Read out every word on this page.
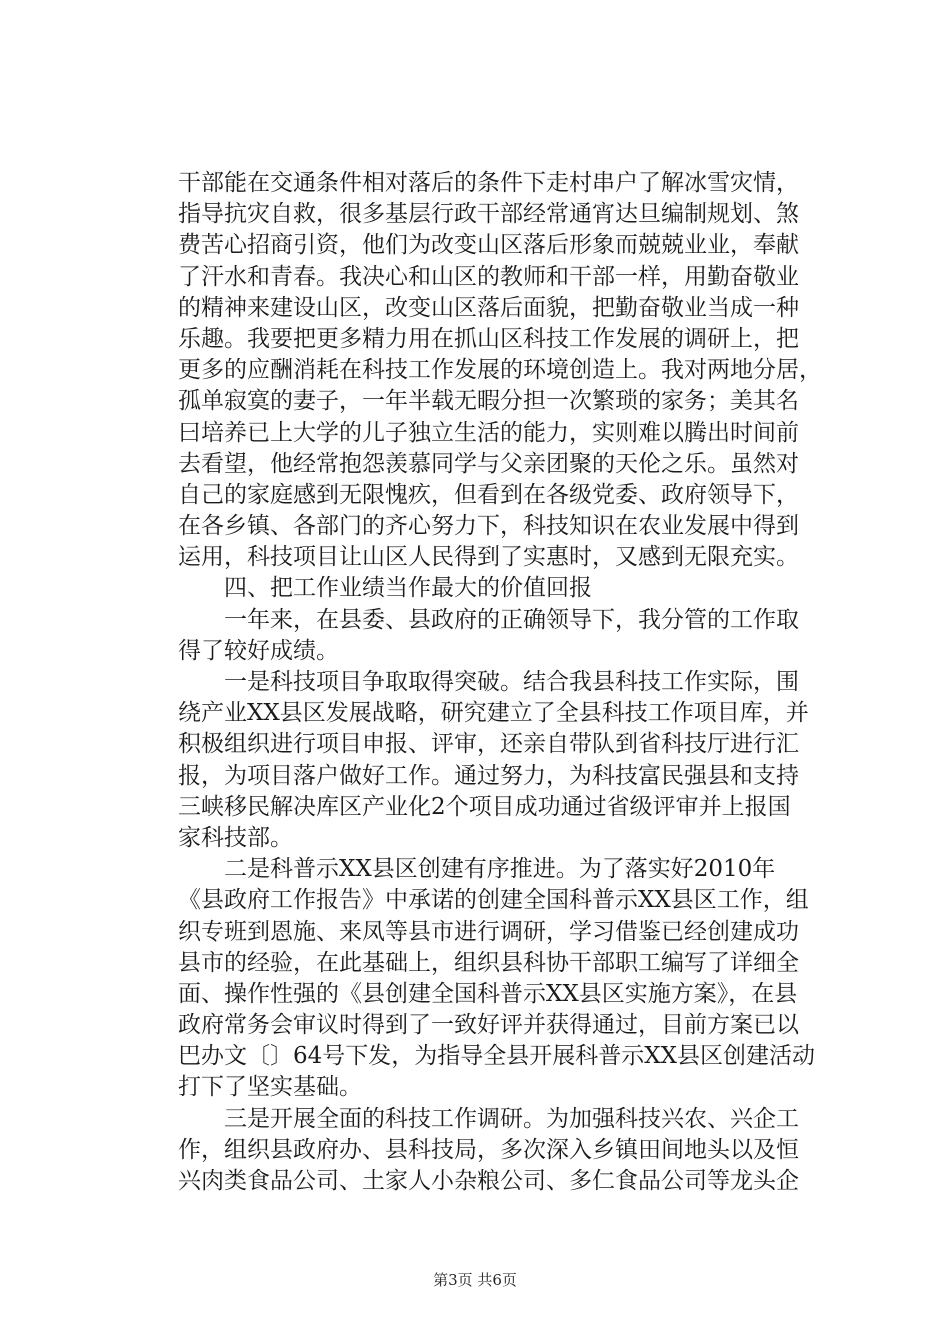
干部能在交通条件相对落后的条件下走村串户了解冰雪灾情，
指导抗灾自救，很多基层行政干部经常通宵达旦编制规划、煞
费苦心招商引资，他们为改变山区落后形象而兢兢业业，奉献
了汗水和青春。我决心和山区的教师和干部一样，用勤奋敬业
的精神来建设山区，改变山区落后面貌，把勤奋敬业当成一种
乐趣。我要把更多精力用在抓山区科技工作发展的调研上，把
更多的应酬消耗在科技工作发展的环境创造上。我对两地分居，
孤单寂寞的妻子，一年半载无暇分担一次繁琐的家务；美其名
曰培养已上大学的儿子独立生活的能力，实则难以腾出时间前
去看望，他经常抱怨羡慕同学与父亲团聚的天伦之乐。虽然对
自己的家庭感到无限愧疚，但看到在各级党委、政府领导下，
在各乡镇、各部门的齐心努力下，科技知识在农业发展中得到
运用，科技项目让山区人民得到了实惠时，又感到无限充实。
　　四、把工作业绩当作最大的价值回报
　　一年来，在县委、县政府的正确领导下，我分管的工作取
得了较好成绩。
　　一是科技项目争取取得突破。结合我县科技工作实际，围
绕产业XX县区发展战略，研究建立了全县科技工作项目库，并
积极组织进行项目申报、评审，还亲自带队到省科技厅进行汇
报，为项目落户做好工作。通过努力，为科技富民强县和支持
三峡移民解决库区产业化2个项目成功通过省级评审并上报国
家科技部。
　　二是科普示XX县区创建有序推进。为了落实好2010年
《县政府工作报告》中承诺的创建全国科普示XX县区工作，组
织专班到恩施、来凤等县市进行调研，学习借鉴已经创建成功
县市的经验，在此基础上，组织县科协干部职工编写了详细全
面、操作性强的《县创建全国科普示XX县区实施方案》，在县
政府常务会审议时得到了一致好评并获得通过，目前方案已以
巴办文〔〕64号下发，为指导全县开展科普示XX县区创建活动
打下了坚实基础。
　　三是开展全面的科技工作调研。为加强科技兴农、兴企工
作，组织县政府办、县科技局，多次深入乡镇田间地头以及恒
兴肉类食品公司、土家人小杂粮公司、多仁食品公司等龙头企
第3页 共6页
